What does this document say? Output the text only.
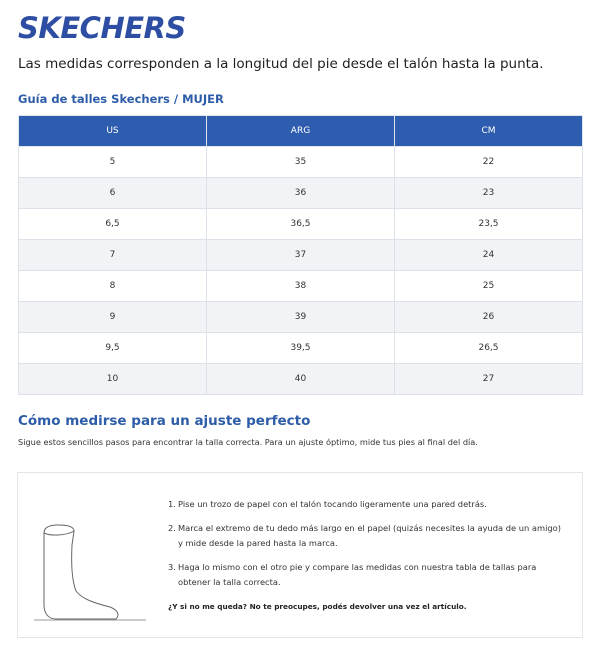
SKECHERS
Las medidas corresponden a la longitud del pie desde el talón hasta la punta.
Guía de talles Skechers / MUJER
US	ARG	CM
5	35	22
6	36	23
6,5	36,5	23,5
7	37	24
8	38	25
9	39	26
9,5	39,5	26,5
10	40	27
Cómo medirse para un ajuste perfecto
Sigue estos sencillos pasos para encontrar la talla correcta. Para un ajuste óptimo, mide tus pies al final del día.
1. Pise un trozo de papel con el talón tocando ligeramente una pared detrás.
2. Marca el extremo de tu dedo más largo en el papel (quizás necesites la ayuda de un amigo) y mide desde la pared hasta la marca.
3. Haga lo mismo con el otro pie y compare las medidas con nuestra tabla de tallas para obtener la talla correcta.
¿Y si no me queda? No te preocupes, podés devolver una vez el artículo.
